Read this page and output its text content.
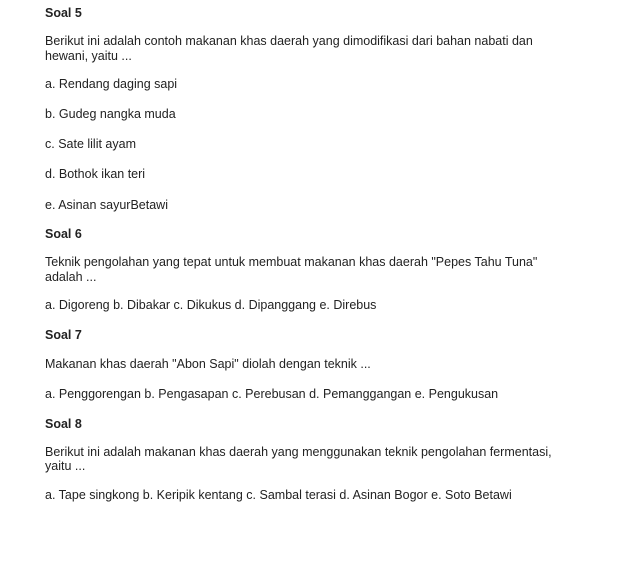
Soal 5

Berikut ini adalah contoh makanan khas daerah yang dimodifikasi dari bahan nabati dan hewani, yaitu ...

a. Rendang daging sapi

b. Gudeg nangka muda

c. Sate lilit ayam

d. Bothok ikan teri

e. Asinan sayurBetawi

Soal 6

Teknik pengolahan yang tepat untuk membuat makanan khas daerah "Pepes Tahu Tuna" adalah ...

a. Digoreng b. Dibakar c. Dikukus d. Dipanggang e. Direbus

Soal 7

Makanan khas daerah "Abon Sapi" diolah dengan teknik ...

a. Penggorengan b. Pengasapan c. Perebusan d. Pemanggangan e. Pengukusan

Soal 8

Berikut ini adalah makanan khas daerah yang menggunakan teknik pengolahan fermentasi, yaitu ...

a. Tape singkong b. Keripik kentang c. Sambal terasi d. Asinan Bogor e. Soto Betawi
